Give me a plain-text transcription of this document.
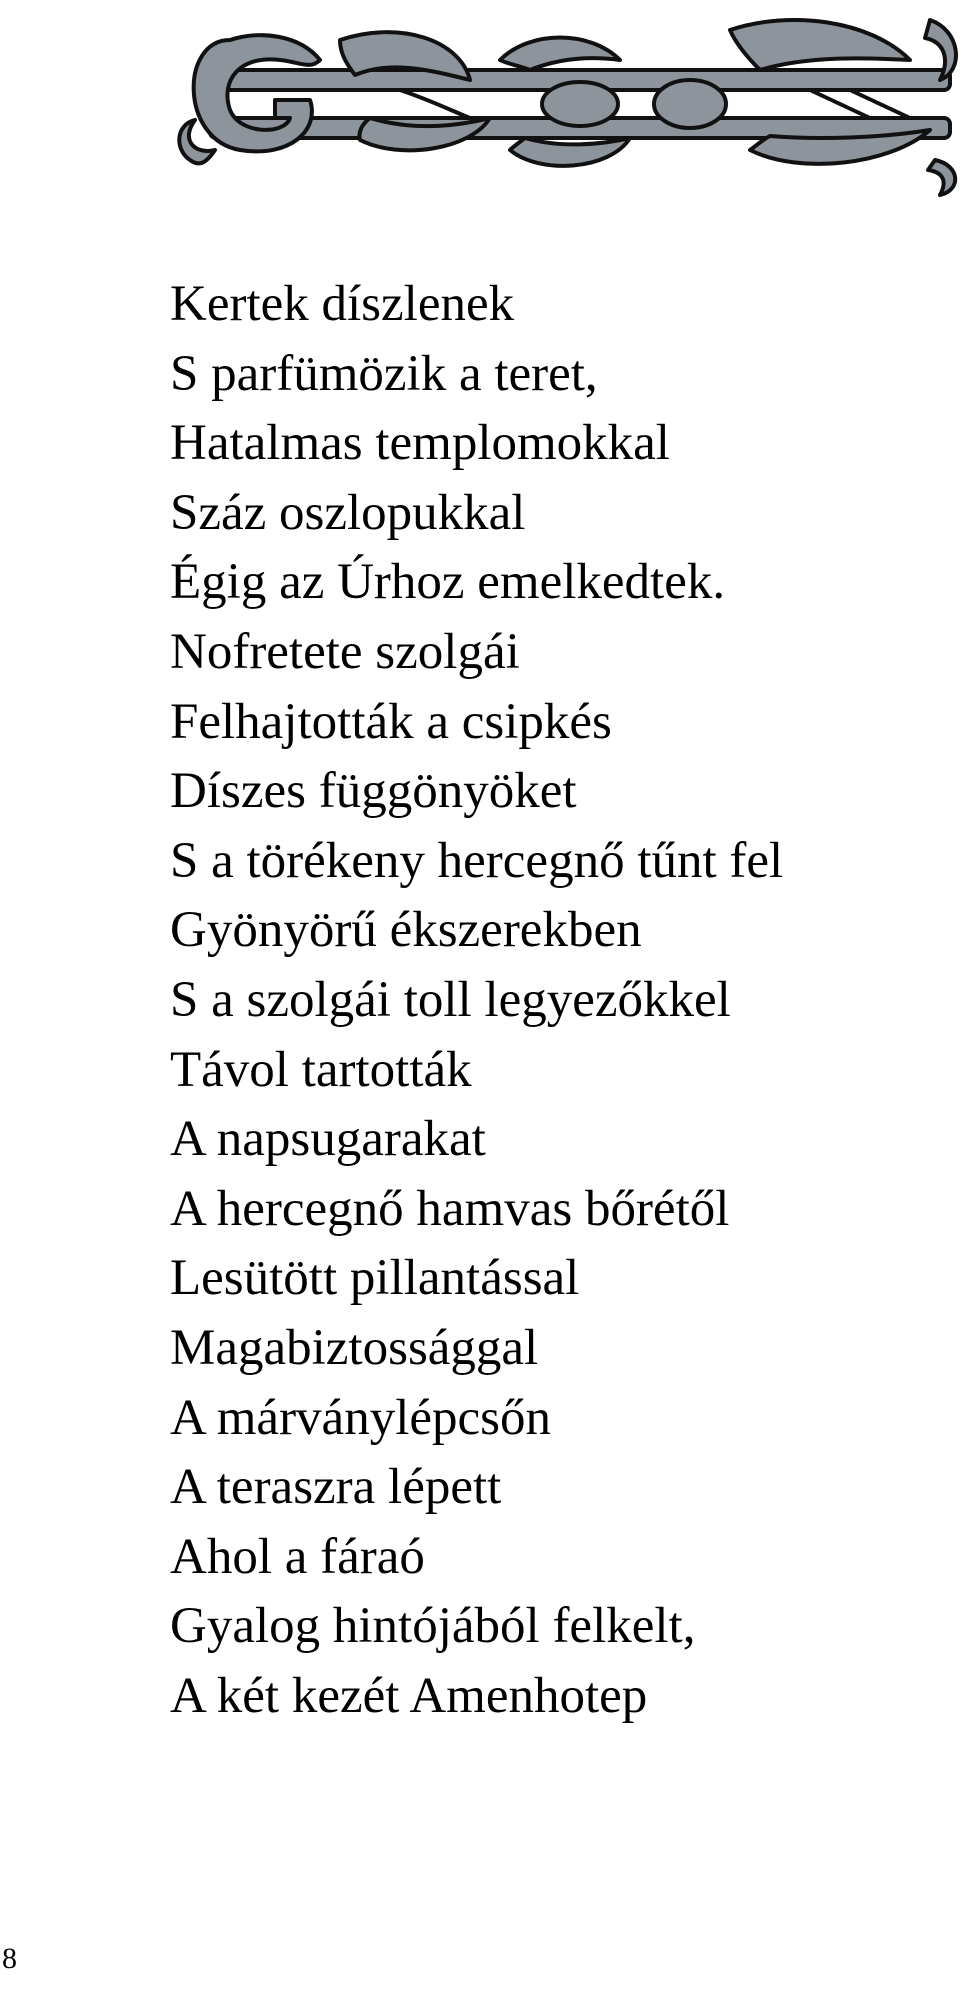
Kertek díszlenek
S parfümözik a teret,
Hatalmas templomokkal
Száz oszlopukkal
Égig az Úrhoz emelkedtek.
Nofretete szolgái
Felhajtották a csipkés
Díszes függönyöket
S a törékeny hercegnő tűnt fel
Gyönyörű ékszerekben
S a szolgái toll legyezőkkel
Távol tartották
A napsugarakat
A hercegnő hamvas bőrétől
Lesütött pillantással
Magabiztossággal
A márványlépcsőn
A teraszra lépett
Ahol a fáraó
Gyalog hintójából felkelt,
A két kezét Amenhotep
8
